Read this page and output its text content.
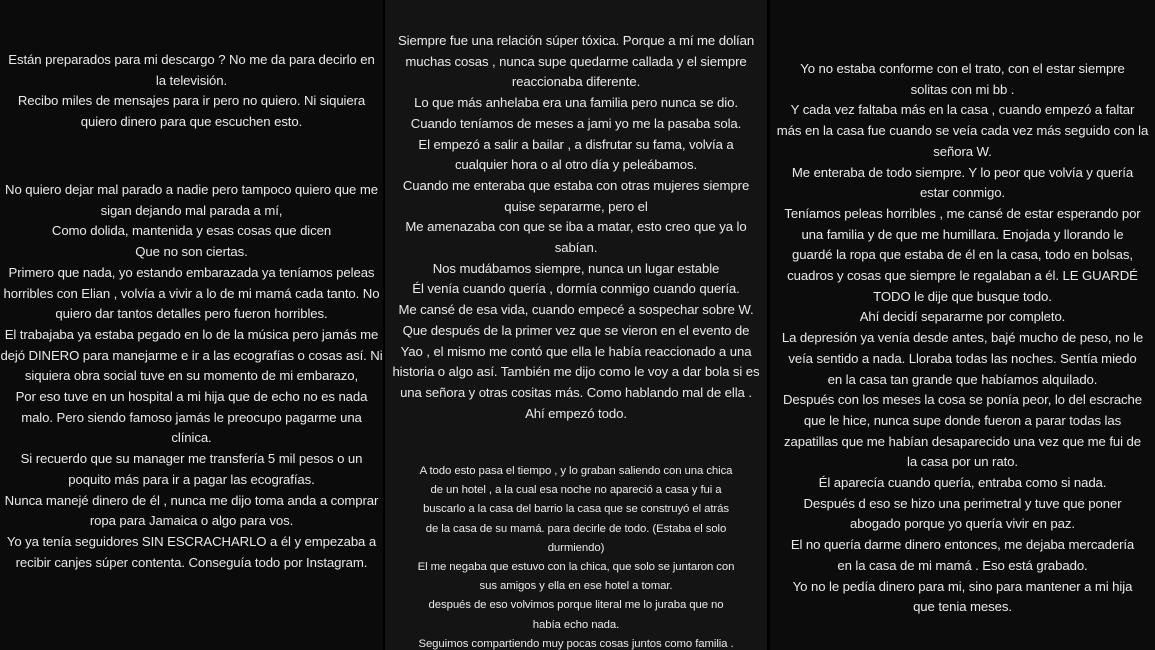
Están preparados para mi descargo ? No me da para decirlo en
la televisión.
Recibo miles de mensajes para ir pero no quiero. Ni siquiera
quiero dinero para que escuchen esto.

No quiero dejar mal parado a nadie pero tampoco quiero que me
sigan dejando mal parada a mí,
Como dolida, mantenida y esas cosas que dicen
Que no son ciertas.
Primero que nada, yo estando embarazada ya teníamos peleas
horribles con Elian , volvía a vivir a lo de mi mamá cada tanto. No
quiero dar tantos detalles pero fueron horribles.
El trabajaba ya estaba pegado en lo de la música pero jamás me
dejó DINERO para manejarme e ir a las ecografías o cosas así. Ni
siquiera obra social tuve en su momento de mi embarazo,
Por eso tuve en un hospital a mi hija que de echo no es nada
malo. Pero siendo famoso jamás le preocupo pagarme una
clínica.
Si recuerdo que su manager me transfería 5 mil pesos o un
poquito más para ir a pagar las ecografías.
Nunca manejé dinero de él , nunca me dijo toma anda a comprar
ropa para Jamaica o algo para vos.
Yo ya tenía seguidores SIN ESCRACHARLO a él y empezaba a
recibir canjes súper contenta. Conseguía todo por Instagram.

Siempre fue una relación súper tóxica. Porque a mí me dolían
muchas cosas , nunca supe quedarme callada y el siempre
reaccionaba diferente.
Lo que más anhelaba era una familia pero nunca se dio.
Cuando teníamos de meses a jami yo me la pasaba sola.
El empezó a salir a bailar , a disfrutar su fama, volvía a
cualquier hora o al otro día y peleábamos.
Cuando me enteraba que estaba con otras mujeres siempre
quise separarme, pero el
Me amenazaba con que se iba a matar, esto creo que ya lo
sabían.
Nos mudábamos siempre, nunca un lugar estable
Él venía cuando quería , dormía conmigo cuando quería.
Me cansé de esa vida, cuando empecé a sospechar sobre W.
Que después de la primer vez que se vieron en el evento de
Yao , el mismo me contó que ella le había reaccionado a una
historia o algo así. También me dijo como le voy a dar bola si es
una señora y otras cositas más. Como hablando mal de ella .
Ahí empezó todo.

A todo esto pasa el tiempo , y lo graban saliendo con una chica
de un hotel , a la cual esa noche no apareció a casa y fui a
buscarlo a la casa del barrio la casa que se construyó el atrás
de la casa de su mamá. para decirle de todo. (Estaba el solo
durmiendo)
El me negaba que estuvo con la chica, que solo se juntaron con
sus amigos y ella en ese hotel a tomar.
después de eso volvimos porque literal me lo juraba que no
había echo nada.
Seguimos compartiendo muy pocas cosas juntos como familia .

Yo no estaba conforme con el trato, con el estar siempre
solitas con mi bb .
Y cada vez faltaba más en la casa , cuando empezó a faltar
más en la casa fue cuando se veía cada vez más seguido con la
señora W.
Me enteraba de todo siempre. Y lo peor que volvía y quería
estar conmigo.
Teníamos peleas horribles , me cansé de estar esperando por
una familia y de que me humillara. Enojada y llorando le
guardé la ropa que estaba de él en la casa, todo en bolsas,
cuadros y cosas que siempre le regalaban a él. LE GUARDÉ
TODO le dije que busque todo.
Ahí decidí separarme por completo.
La depresión ya venía desde antes, bajé mucho de peso, no le
veía sentido a nada. Lloraba todas las noches. Sentía miedo
en la casa tan grande que habíamos alquilado.
Después con los meses la cosa se ponía peor, lo del escrache
que le hice, nunca supe donde fueron a parar todas las
zapatillas que me habían desaparecido una vez que me fui de
la casa por un rato.
Él aparecía cuando quería, entraba como si nada.
Después d eso se hizo una perimetral y tuve que poner
abogado porque yo quería vivir en paz.
El no quería darme dinero entonces, me dejaba mercadería
en la casa de mi mamá . Eso está grabado.
Yo no le pedía dinero para mi, sino para mantener a mi hija
que tenia meses.
